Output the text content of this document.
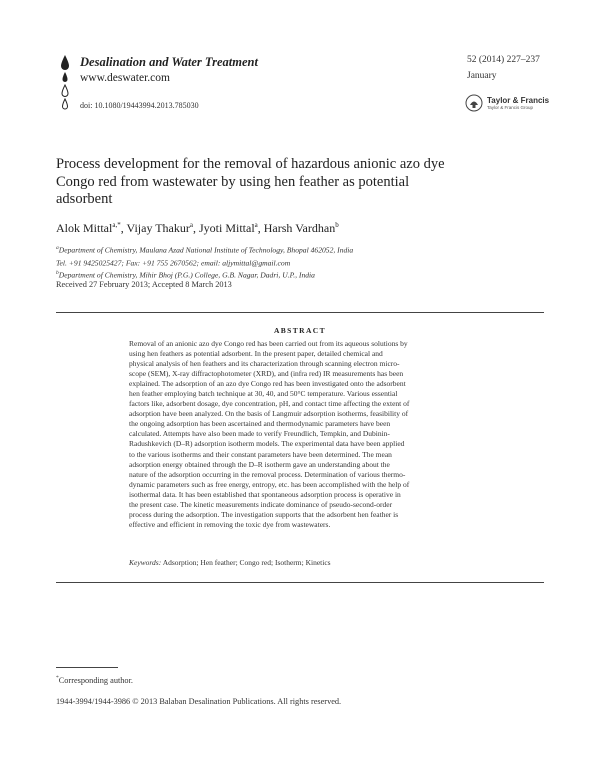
Desalination and Water Treatment
www.deswater.com
doi: 10.1080/19443994.2013.785030
52 (2014) 227–237
January
Taylor & Francis
Taylor & Francis Group
Process development for the removal of hazardous anionic azo dye
Congo red from wastewater by using hen feather as potential
adsorbent
Alok Mittal$^{a,*}$, Vijay Thakur$^a$, Jyoti Mittal$^a$, Harsh Vardhan$^b$
$^a$Department of Chemistry, Maulana Azad National Institute of Technology, Bhopal 462052, India
Tel. +91 9425025427; Fax: +91 755 2670562; email: aljymittal@gmail.com
$^b$Department of Chemistry, Mihir Bhoj (P.G.) College, G.B. Nagar, Dadri, U.P., India
Received 27 February 2013; Accepted 8 March 2013
ABSTRACT
Removal of an anionic azo dye Congo red has been carried out from its aqueous solutions by
using hen feathers as potential adsorbent. In the present paper, detailed chemical and
physical analysis of hen feathers and its characterization through scanning electron micro-
scope (SEM), X-ray diffractophotometer (XRD), and (infra red) IR measurements has been
explained. The adsorption of an azo dye Congo red has been investigated onto the adsorbent
hen feather employing batch technique at 30, 40, and 50°C temperature. Various essential
factors like, adsorbent dosage, dye concentration, pH, and contact time affecting the extent of
adsorption have been analyzed. On the basis of Langmuir adsorption isotherms, feasibility of
the ongoing adsorption has been ascertained and thermodynamic parameters have been
calculated. Attempts have also been made to verify Freundlich, Tempkin, and Dubinin-
Radushkevich (D–R) adsorption isotherm models. The experimental data have been applied
to the various isotherms and their constant parameters have been determined. The mean
adsorption energy obtained through the D–R isotherm gave an understanding about the
nature of the adsorption occurring in the removal process. Determination of various thermo-
dynamic parameters such as free energy, entropy, etc. has been accomplished with the help of
isothermal data. It has been established that spontaneous adsorption process is operative in
the present case. The kinetic measurements indicate dominance of pseudo-second-order
process during the adsorption. The investigation supports that the adsorbent hen feather is
effective and efficient in removing the toxic dye from wastewaters.
Keywords: Adsorption; Hen feather; Congo red; Isotherm; Kinetics
*Corresponding author.
1944-3994/1944-3986 © 2013 Balaban Desalination Publications. All rights reserved.
